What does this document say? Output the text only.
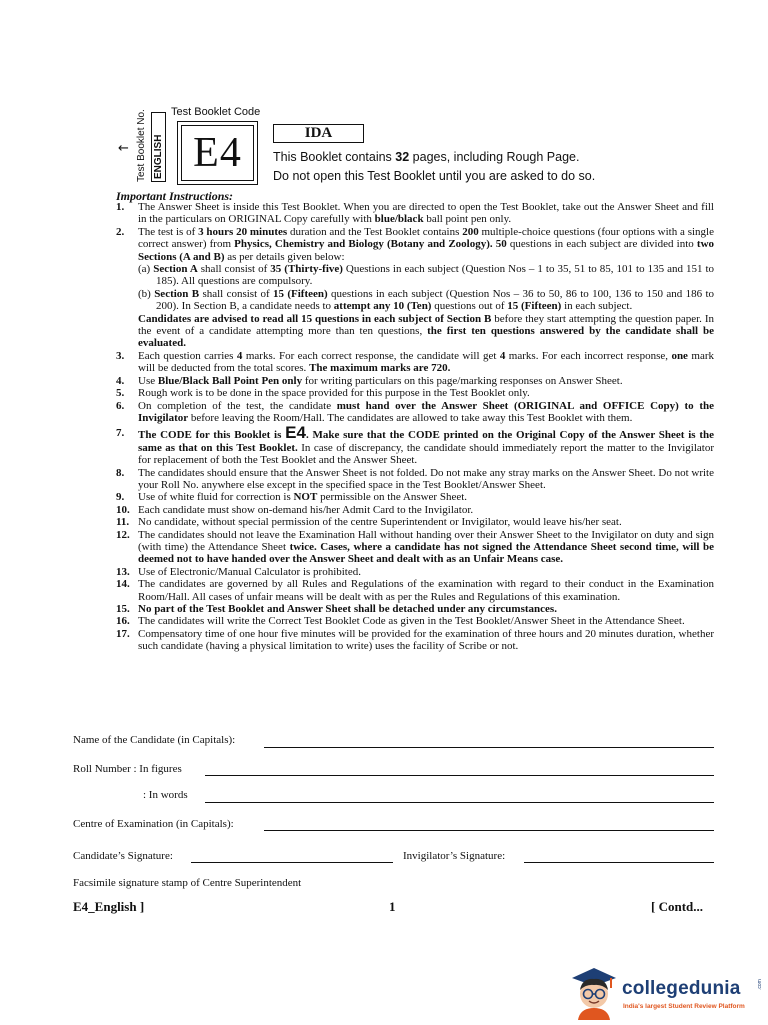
Test Booklet Code
Test Booklet No. ENGLISH
← E4	IDA
This Booklet contains 32 pages, including Rough Page.
Do not open this Test Booklet until you are asked to do so.
Important Instructions:
1. The Answer Sheet is inside this Test Booklet. When you are directed to open the Test Booklet, take out the Answer Sheet and fill in the particulars on ORIGINAL Copy carefully with blue/black ball point pen only.
2. The test is of 3 hours 20 minutes duration and the Test Booklet contains 200 multiple-choice questions (four options with a single correct answer) from Physics, Chemistry and Biology (Botany and Zoology). 50 questions in each subject are divided into two Sections (A and B) as per details given below:
(a) Section A shall consist of 35 (Thirty-five) Questions in each subject (Question Nos – 1 to 35, 51 to 85, 101 to 135 and 151 to 185). All questions are compulsory.
(b) Section B shall consist of 15 (Fifteen) questions in each subject (Question Nos – 36 to 50, 86 to 100, 136 to 150 and 186 to 200). In Section B, a candidate needs to attempt any 10 (Ten) questions out of 15 (Fifteen) in each subject.
Candidates are advised to read all 15 questions in each subject of Section B before they start attempting the question paper. In the event of a candidate attempting more than ten questions, the first ten questions answered by the candidate shall be evaluated.
3. Each question carries 4 marks. For each correct response, the candidate will get 4 marks. For each incorrect response, one mark will be deducted from the total scores. The maximum marks are 720.
4. Use Blue/Black Ball Point Pen only for writing particulars on this page/marking responses on Answer Sheet.
5. Rough work is to be done in the space provided for this purpose in the Test Booklet only.
6. On completion of the test, the candidate must hand over the Answer Sheet (ORIGINAL and OFFICE Copy) to the Invigilator before leaving the Room/Hall. The candidates are allowed to take away this Test Booklet with them.
7. The CODE for this Booklet is E4. Make sure that the CODE printed on the Original Copy of the Answer Sheet is the same as that on this Test Booklet. In case of discrepancy, the candidate should immediately report the matter to the Invigilator for replacement of both the Test Booklet and the Answer Sheet.
8. The candidates should ensure that the Answer Sheet is not folded. Do not make any stray marks on the Answer Sheet. Do not write your Roll No. anywhere else except in the specified space in the Test Booklet/Answer Sheet.
9. Use of white fluid for correction is NOT permissible on the Answer Sheet.
10. Each candidate must show on-demand his/her Admit Card to the Invigilator.
11. No candidate, without special permission of the centre Superintendent or Invigilator, would leave his/her seat.
12. The candidates should not leave the Examination Hall without handing over their Answer Sheet to the Invigilator on duty and sign (with time) the Attendance Sheet twice. Cases, where a candidate has not signed the Attendance Sheet second time, will be deemed not to have handed over the Answer Sheet and dealt with as an Unfair Means case.
13. Use of Electronic/Manual Calculator is prohibited.
14. The candidates are governed by all Rules and Regulations of the examination with regard to their conduct in the Examination Room/Hall. All cases of unfair means will be dealt with as per the Rules and Regulations of this examination.
15. No part of the Test Booklet and Answer Sheet shall be detached under any circumstances.
16. The candidates will write the Correct Test Booklet Code as given in the Test Booklet/Answer Sheet in the Attendance Sheet.
17. Compensatory time of one hour five minutes will be provided for the examination of three hours and 20 minutes duration, whether such candidate (having a physical limitation to write) uses the facility of Scribe or not.
Name of the Candidate (in Capitals):
Roll Number : In figures
: In words
Centre of Examination (in Capitals):
Candidate’s Signature:	Invigilator’s Signature:
Facsimile signature stamp of Centre Superintendent
E4_English ]	1	[ Contd...
collegedunia
India's largest Student Review Platform
.com
